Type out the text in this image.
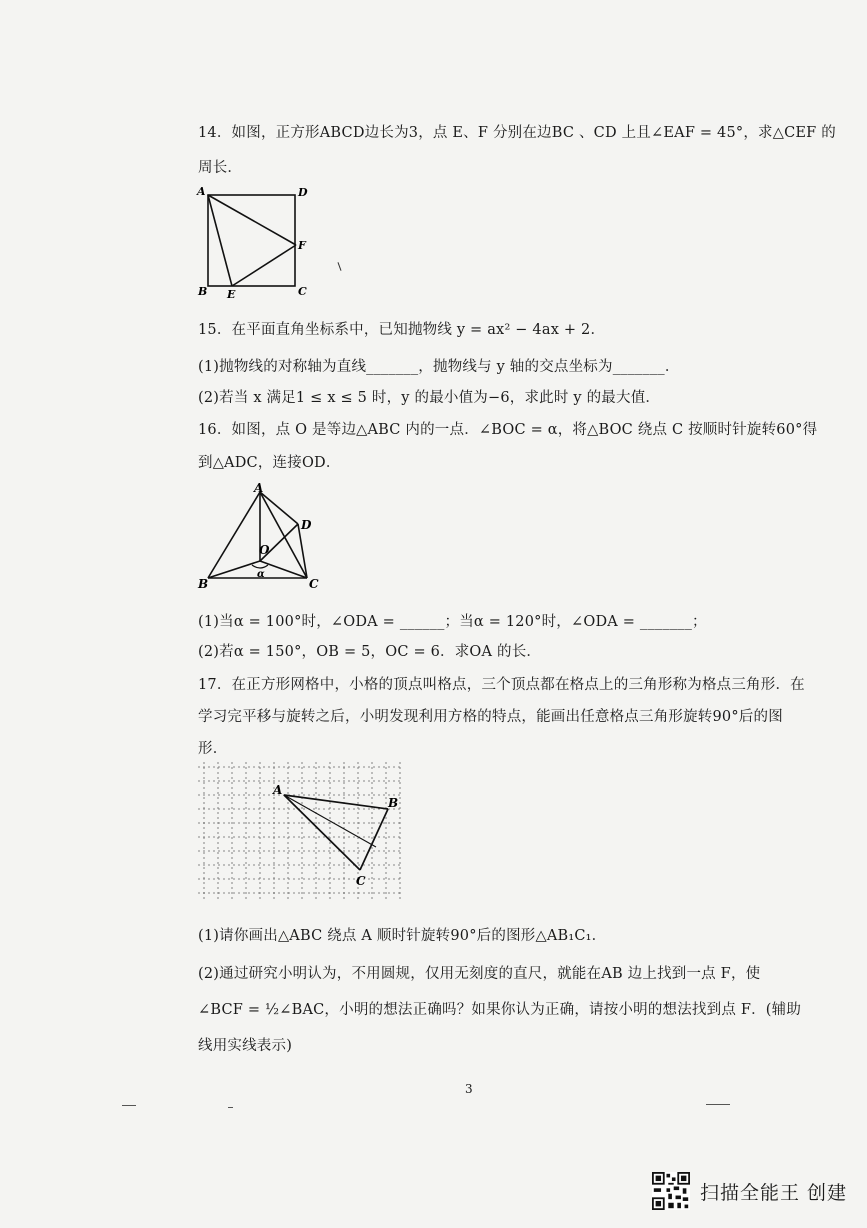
14．如图，正方形ABCD边长为3，点 E、F 分别在边BC 、CD 上且∠EAF = 45°，求△CEF 的
周长．
A	D
F
C
B E
15．在平面直角坐标系中，已知抛物线 y = ax² − 4ax + 2．
(1)抛物线的对称轴为直线_______，抛物线与 y 轴的交点坐标为_______．
(2)若当 x 满足1 ≤ x ≤ 5 时，y 的最小值为−6，求此时 y 的最大值．
16．如图，点 O 是等边△ABC 内的一点．∠BOC = α，将△BOC 绕点 C 按顺时针旋转60°得
到△ADC，连接OD．
A
D
O
α
B	C
(1)当α = 100°时，∠ODA = ______；当α = 120°时，∠ODA = _______；
(2)若α = 150°，OB = 5，OC = 6．求OA 的长．
17．在正方形网格中，小格的顶点叫格点，三个顶点都在格点上的三角形称为格点三角形．在
学习完平移与旋转之后，小明发现利用方格的特点，能画出任意格点三角形旋转90°后的图
形．
A
B
C
(1)请你画出△ABC 绕点 A 顺时针旋转90°后的图形△AB₁C₁．
(2)通过研究小明认为，不用圆规，仅用无刻度的直尺，就能在AB 边上找到一点 F，使
∠BCF = ½∠BAC，小明的想法正确吗？如果你认为正确，请按小明的想法找到点 F．(辅助
线用实线表示)
3
扫描全能王 创建
